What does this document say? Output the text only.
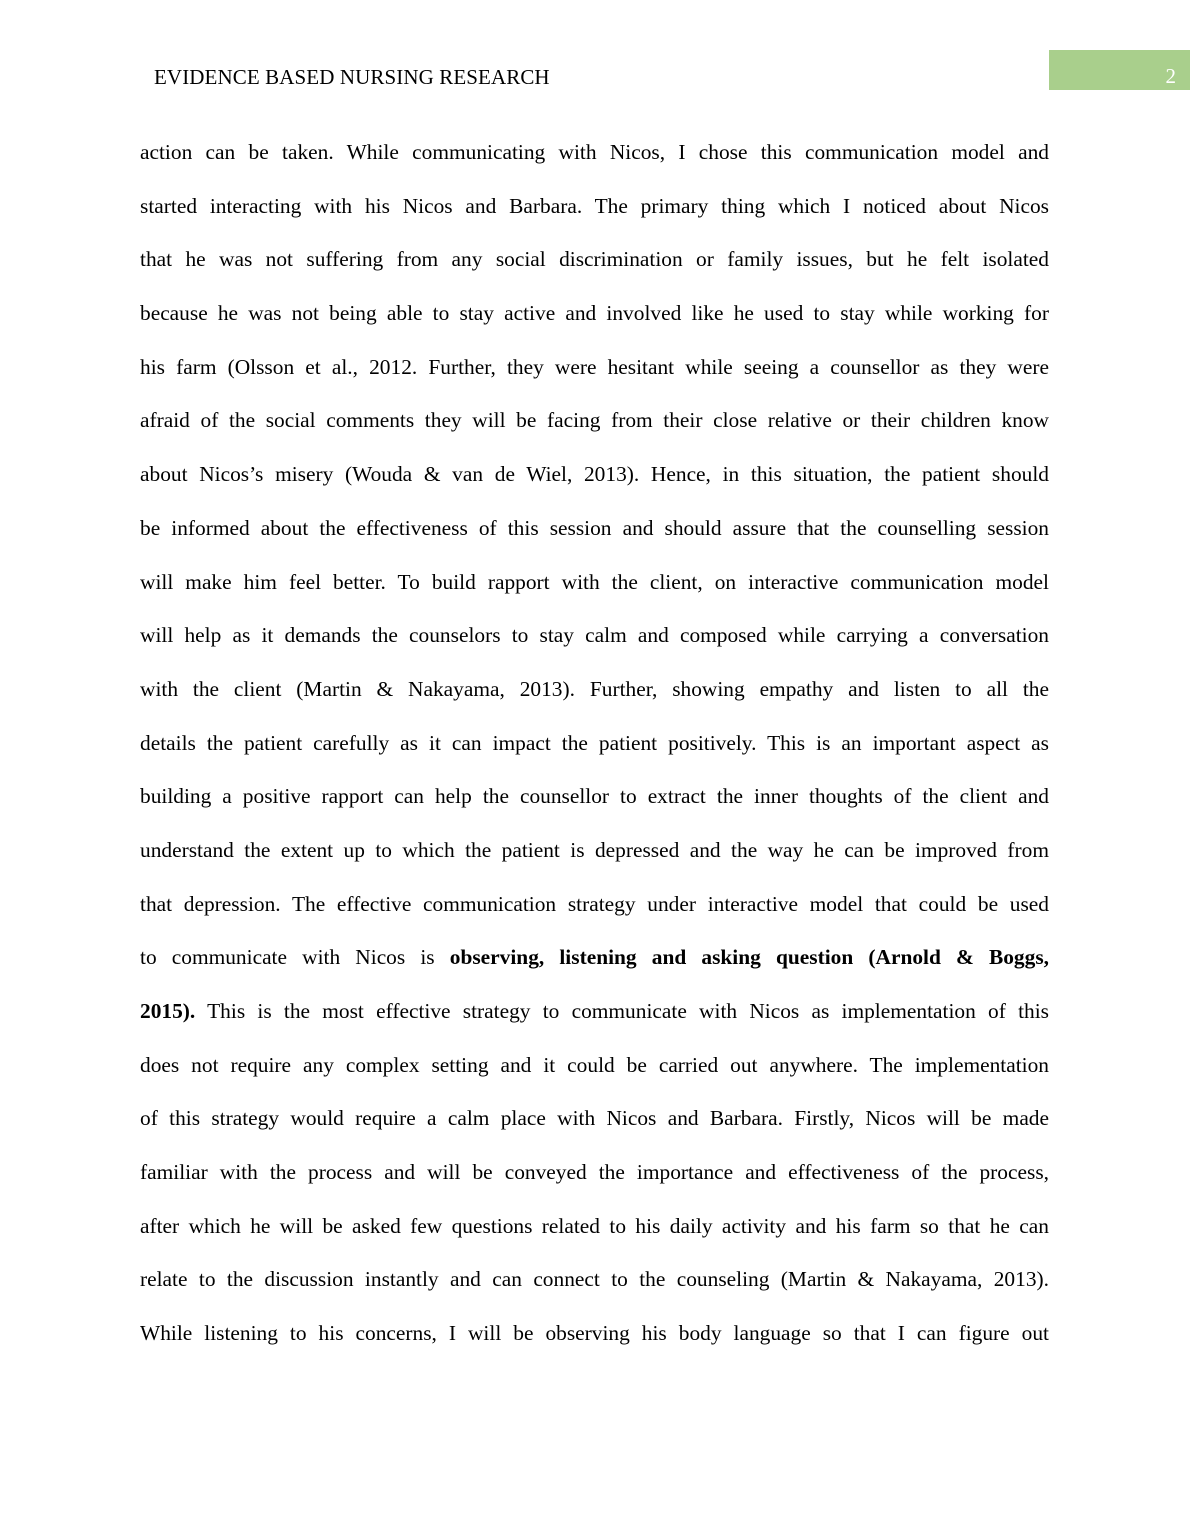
EVIDENCE BASED NURSING RESEARCH	2
action can be taken. While communicating with Nicos, I chose this communication model and
started interacting with his Nicos and Barbara. The primary thing which I noticed about Nicos
that he was not suffering from any social discrimination or family issues, but he felt isolated
because he was not being able to stay active and involved like he used to stay while working for
his farm (Olsson et al., 2012. Further, they were hesitant while seeing a counsellor as they were
afraid of the social comments they will be facing from their close relative or their children know
about Nicos’s misery (Wouda & van de Wiel, 2013). Hence, in this situation, the patient should
be informed about the effectiveness of this session and should assure that the counselling session
will make him feel better. To build rapport with the client, on interactive communication model
will help as it demands the counselors to stay calm and composed while carrying a conversation
with the client (Martin & Nakayama, 2013). Further, showing empathy and listen to all the
details the patient carefully as it can impact the patient positively. This is an important aspect as
building a positive rapport can help the counsellor to extract the inner thoughts of the client and
understand the extent up to which the patient is depressed and the way he can be improved from
that depression. The effective communication strategy under interactive model that could be used
to communicate with Nicos is observing, listening and asking question (Arnold & Boggs,
2015). This is the most effective strategy to communicate with Nicos as implementation of this
does not require any complex setting and it could be carried out anywhere. The implementation
of this strategy would require a calm place with Nicos and Barbara. Firstly, Nicos will be made
familiar with the process and will be conveyed the importance and effectiveness of the process,
after which he will be asked few questions related to his daily activity and his farm so that he can
relate to the discussion instantly and can connect to the counseling (Martin & Nakayama, 2013).
While listening to his concerns, I will be observing his body language so that I can figure out
